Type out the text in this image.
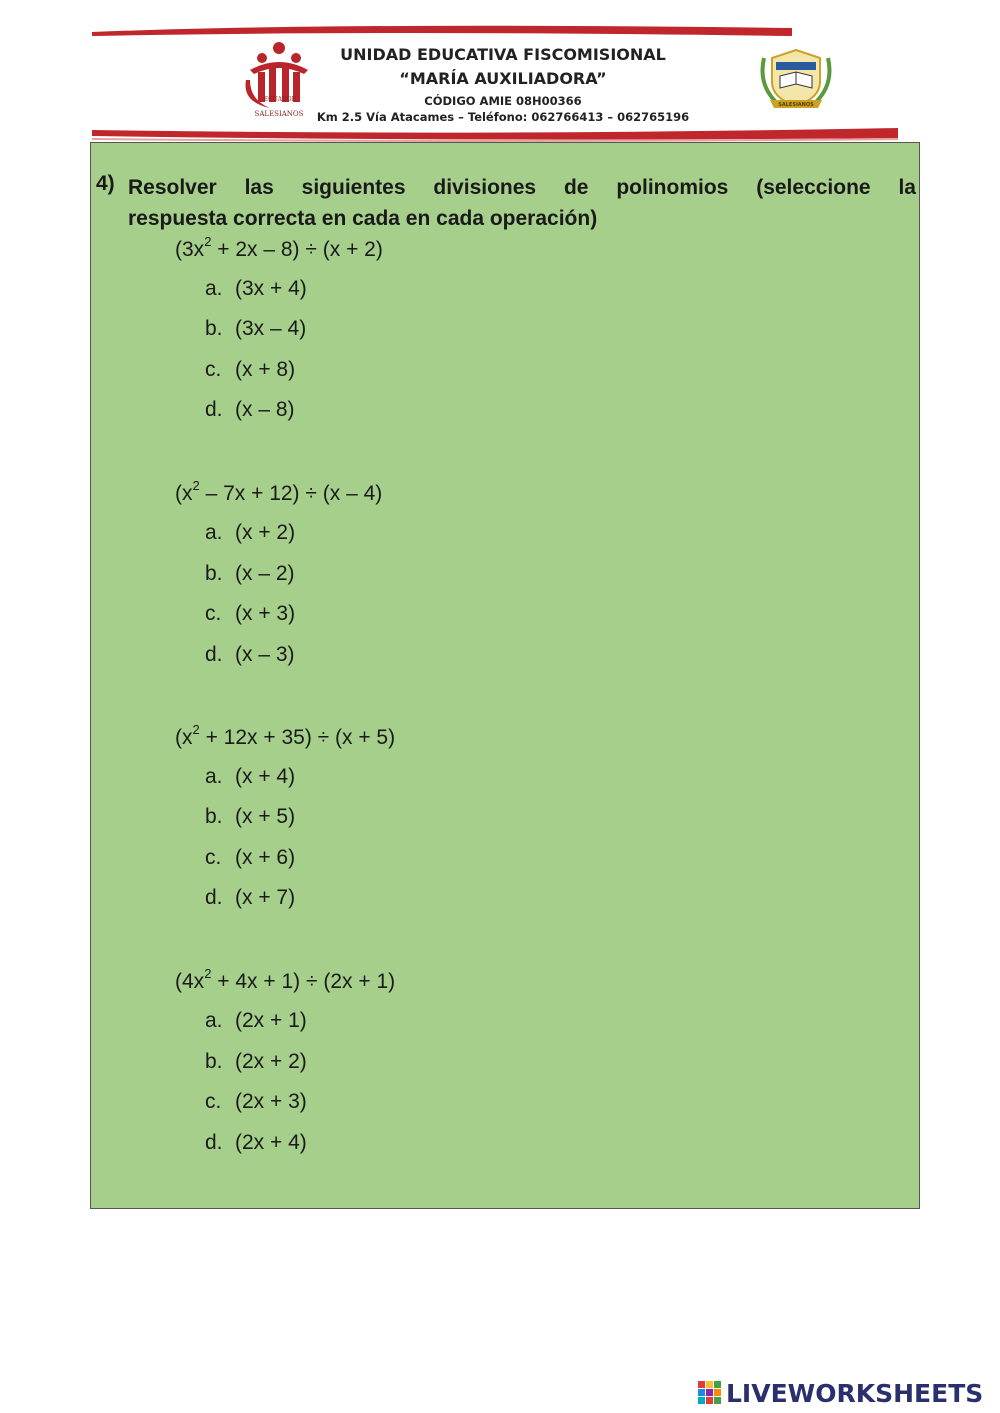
ECUADOR
SALESIANOS
UNIDAD EDUCATIVA FISCOMISIONAL
“MARÍA AUXILIADORA”
CÓDIGO AMIE 08H00366
Km 2.5 Vía Atacames – Teléfono: 062766413 – 062765196
SALESIANOS
4) Resolver las siguientes divisiones de polinomios (seleccione la
respuesta correcta en cada en cada operación)
$(3x^2 + 2x - 8) \div (x + 2)$
a. (3x + 4)
b. (3x – 4)
c. (x + 8)
d. (x – 8)
$(x^2 - 7x + 12) \div (x - 4)$
a. (x + 2)
b. (x – 2)
c. (x + 3)
d. (x – 3)
$(x^2 + 12x + 35) \div (x + 5)$
a. (x + 4)
b. (x + 5)
c. (x + 6)
d. (x + 7)
$(4x^2 + 4x + 1) \div (2x + 1)$
a. (2x + 1)
b. (2x + 2)
c. (2x + 3)
d. (2x + 4)
LIVEWORKSHEETS
